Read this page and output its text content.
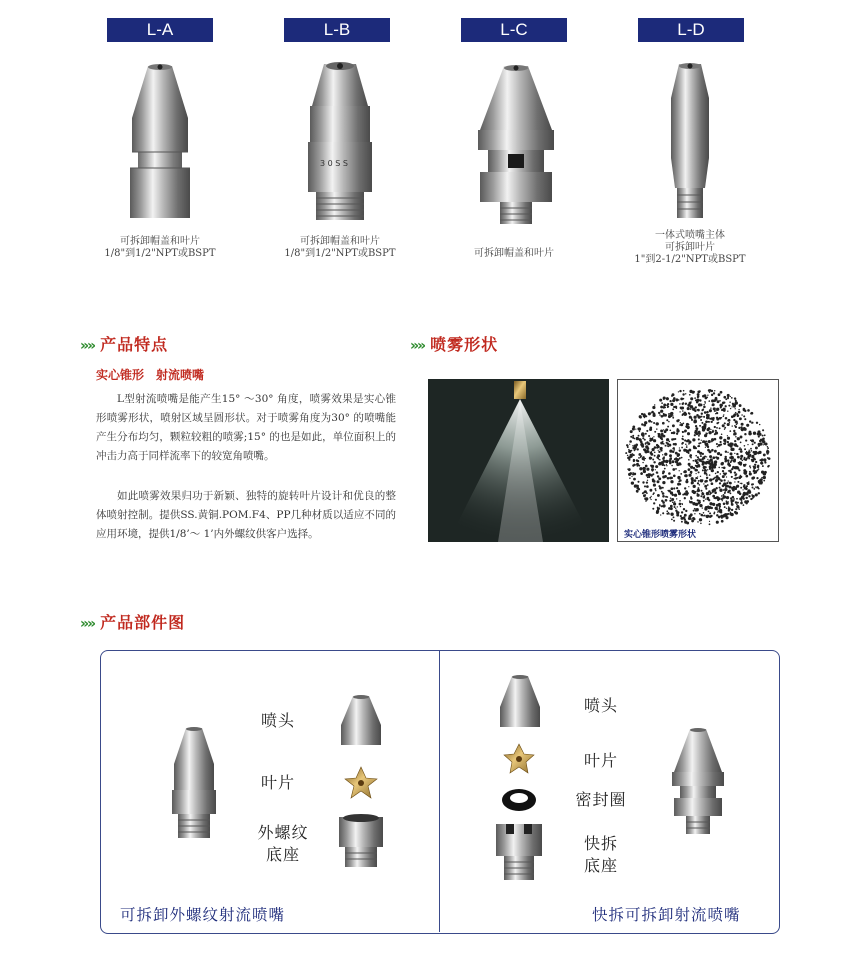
L-A	L-B	L-C	L-D
3 0 S S
可拆卸帽盖和叶片
1/8"到1/2"NPT或BSPT
可拆卸帽盖和叶片
1/8"到1/2"NPT或BSPT	可拆卸帽盖和叶片
一体式喷嘴主体
可拆卸叶片
1"到2-1/2"NPT或BSPT
»» 产品特点
实心锥形　射流喷嘴
L型射流喷嘴是能产生15° ～30° 角度，喷雾效果是实心锥形喷雾形状，喷射区域呈圆形状。对于喷雾角度为30° 的喷嘴能产生分布均匀，颗粒较粗的喷雾;15° 的也是如此，单位面积上的冲击力高于同样流率下的较宽角喷嘴。
如此喷雾效果归功于新颖、独特的旋转叶片设计和优良的整体喷射控制。提供SS.黄铜.POM.F4、PP几种材质以适应不同的应用环境，提供1/8’～ 1’内外螺纹供客户选择。
»» 喷雾形状
实心锥形喷雾形状
»» 产品部件图
喷头
叶片
外螺纹
底座
可拆卸外螺纹射流喷嘴
喷头
叶片
密封圈
快拆
底座
快拆可拆卸射流喷嘴
